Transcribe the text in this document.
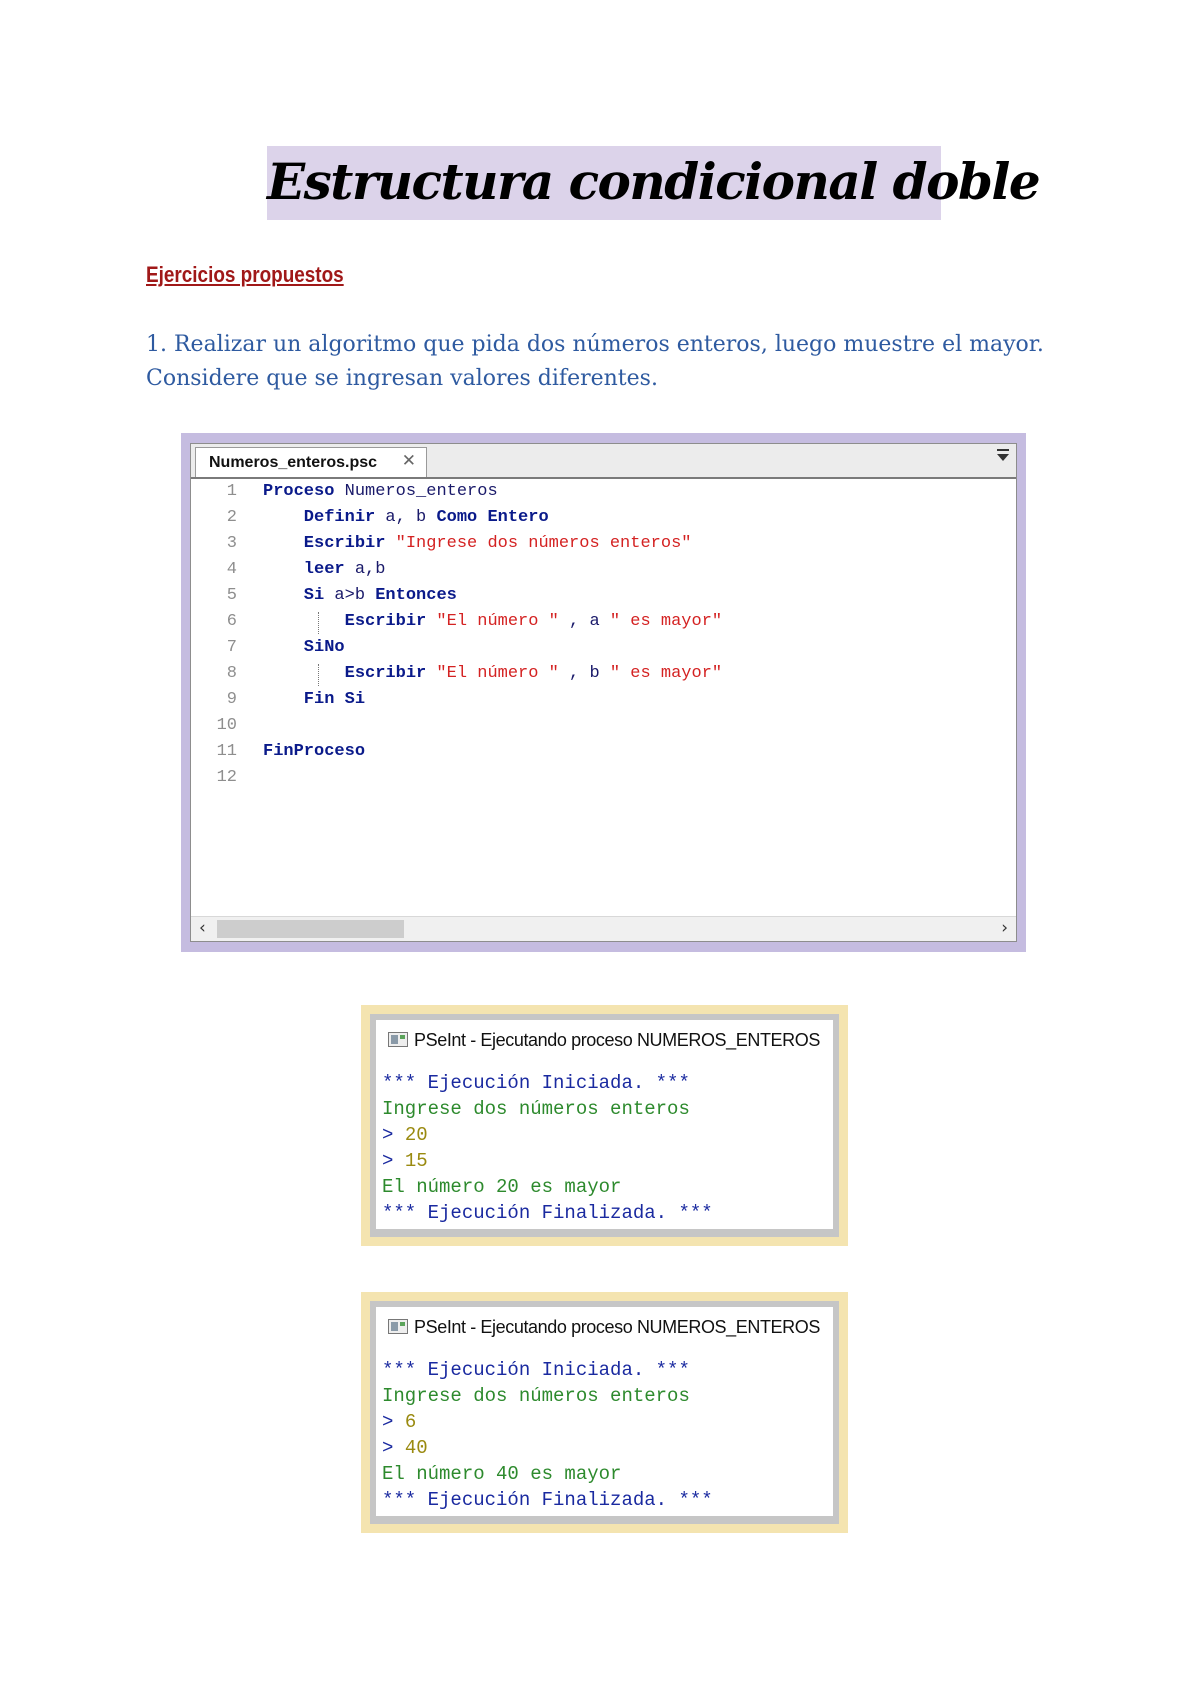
Estructura condicional doble
Ejercicios propuestos
1. Realizar un algoritmo que pida dos números enteros, luego muestre el mayor.
Considere que se ingresan valores diferentes.
Numeros_enteros.psc ✕
1 Proceso Numeros_enteros
2 Definir a, b Como Entero
3 Escribir "Ingrese dos números enteros"
4 leer a,b
5 Si a>b Entonces
6 Escribir "El número " , a " es mayor"
7 SiNo
8 Escribir "El número " , b " es mayor"
9 Fin Si
10
11 FinProceso
12
‹	›
PSeInt - Ejecutando proceso NUMEROS_ENTEROS
*** Ejecución Iniciada. ***
Ingrese dos números enteros
> 20
> 15
El número 20 es mayor
*** Ejecución Finalizada. ***
PSeInt - Ejecutando proceso NUMEROS_ENTEROS
*** Ejecución Iniciada. ***
Ingrese dos números enteros
> 6
> 40
El número 40 es mayor
*** Ejecución Finalizada. ***
